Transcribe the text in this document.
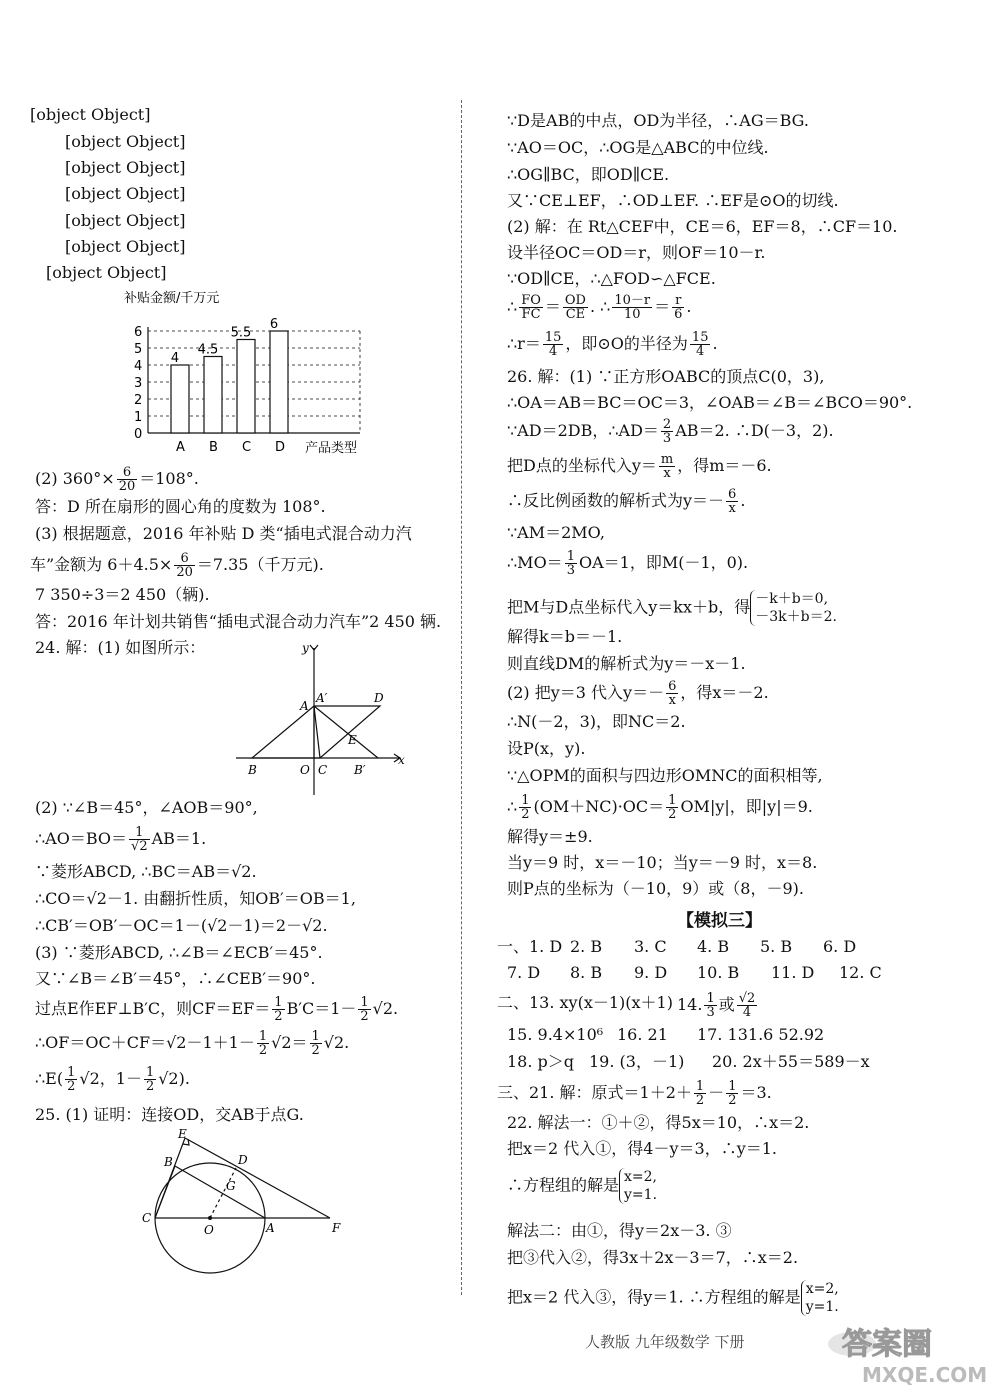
[object Object]
[object Object]
[object Object]
[object Object]
[object Object]
[object Object]
[object Object]
补贴金额/千万元
4
4.5
5.5
6
0
1
2
3
4
5
6
A B C D 产品类型
(2) $360^\circ\times \frac{6}{20} =108^\circ$.
答：D 所在扇形的圆心角的度数为 108°.
(3) 根据题意，2016 年补贴 D 类“插电式混合动力汽
车”金额为 $6+4.5\times \frac{6}{20} =7.35$（千万元).
7 350÷3＝2 450（辆).
答：2016 年计划共销售“插电式混合动力汽车”2 450 辆.
24. 解：(1) 如图所示：	y
x
A
A′	D
E
B	O C B′
(2) ∵∠B＝45°，∠AOB＝90°,
∴AO＝BO＝ $\frac{1}{√2} AB=1$.
∵菱形ABCD, ∴BC＝AB＝√2.
∴CO＝√2－1. 由翻折性质，知OB′＝OB＝1,
∴CB′＝OB′－OC＝1－(√2－1)＝2－√2.
(3) ∵菱形ABCD, ∴∠B＝∠ECB′＝45°.
又∵∠B＝∠B′＝45°，∴∠CEB′＝90°.
过点E作EF⊥B′C，则$CF=EF= \frac{1}{2} B'C=1- \frac{1}{2} √2$.
∴OF＝OC＋CF＝√2－1＋1－ $\frac{1}{2} √2= \frac{1}{2} √2$.
∴E( $\frac{1}{2} √2$，$1- \frac{1}{2} √2$).
25. (1) 证明：连接OD，交AB于点G.
E
B	D
G
C
O	A	F
∵D是AB的中点，OD为半径，∴AG＝BG.
∵AO＝OC，∴OG是△ABC的中位线.
∴OG∥BC，即OD∥CE.
又∵CE⊥EF，∴OD⊥EF. ∴EF是⊙O的切线.
(2) 解：在 Rt△CEF中，CE＝6，EF＝8，∴CF＝10.
设半径OC＝OD＝r，则OF＝10－r.
∵OD∥CE，∴△FOD∽△FCE.
∴ $\frac{FO}{FC} = \frac{OD}{CE}$ . ∴ $\frac{10-r}{10} = \frac{r}{6}$ .
∴r＝ $\frac{15}{4}$ ，即⊙O的半径为 $\frac{15}{4}$ .
26. 解：(1) ∵正方形OABC的顶点C(0，3),
∴OA＝AB＝BC＝OC＝3，∠OAB＝∠B＝∠BCO＝90°.
∵AD＝2DB，∴AD＝ $\frac{2}{3} AB=2$. ∴D(－3，2).
把D点的坐标代入$y= \frac{m}{x}$ ，得m＝－6.
∴反比例函数的解析式为$y=- \frac{6}{x}$ .
∵AM＝2MO,
∴MO＝ $\frac{1}{3} OA=1$，即M(－1，0).
把M与D点坐标代入y＝kx＋b，得 －k＋b＝0,
－3k＋b＝2.
解得k＝b＝－1.
则直线DM的解析式为y＝－x－1.
(2) 把y＝3 代入$y=- \frac{6}{x}$ ，得x＝－2.
∴N(－2，3)，即NC＝2.
设P(x，y).
∵△OPM的面积与四边形OMNC的面积相等,
∴ $\frac{1}{2} (OM+NC)\cdot OC= \frac{1}{2} OM|y|$，即|y|＝9.
解得y＝±9.
当y＝9 时，x＝－10；当y＝－9 时，x＝8.
则P点的坐标为（－10，9）或（8，－9).
【模拟三】
一、1. D 2. B 3. C 4. B 5. B 6. D
7. D 8. B 9. D 10. B 11. D 12. C
二、13. xy(x－1)(x＋1) 14. $\frac{1}{3}$ 或 $\frac{√2}{4}$
15. 9.4×10⁶ 16. 21 17. 131.6 52.92
18. p＞q 19. (3，－1) 20. 2x＋55＝589－x
三、21. 解：原式$=1+2+ \frac{1}{2} - \frac{1}{2} =3$.
22. 解法一：①＋②，得5x＝10，∴x＝2.
把x＝2 代入①，得4－y＝3，∴y＝1.
∴方程组的解是 x=2,
y=1.
解法二：由①，得y＝2x－3. ③
把③代入②，得3x＋2x－3＝7，∴x＝2.
把x＝2 代入③，得y＝1. ∴方程组的解是 x=2,
y=1.
人教版 九年级数学 下册	答案圈
MXQE.COM
